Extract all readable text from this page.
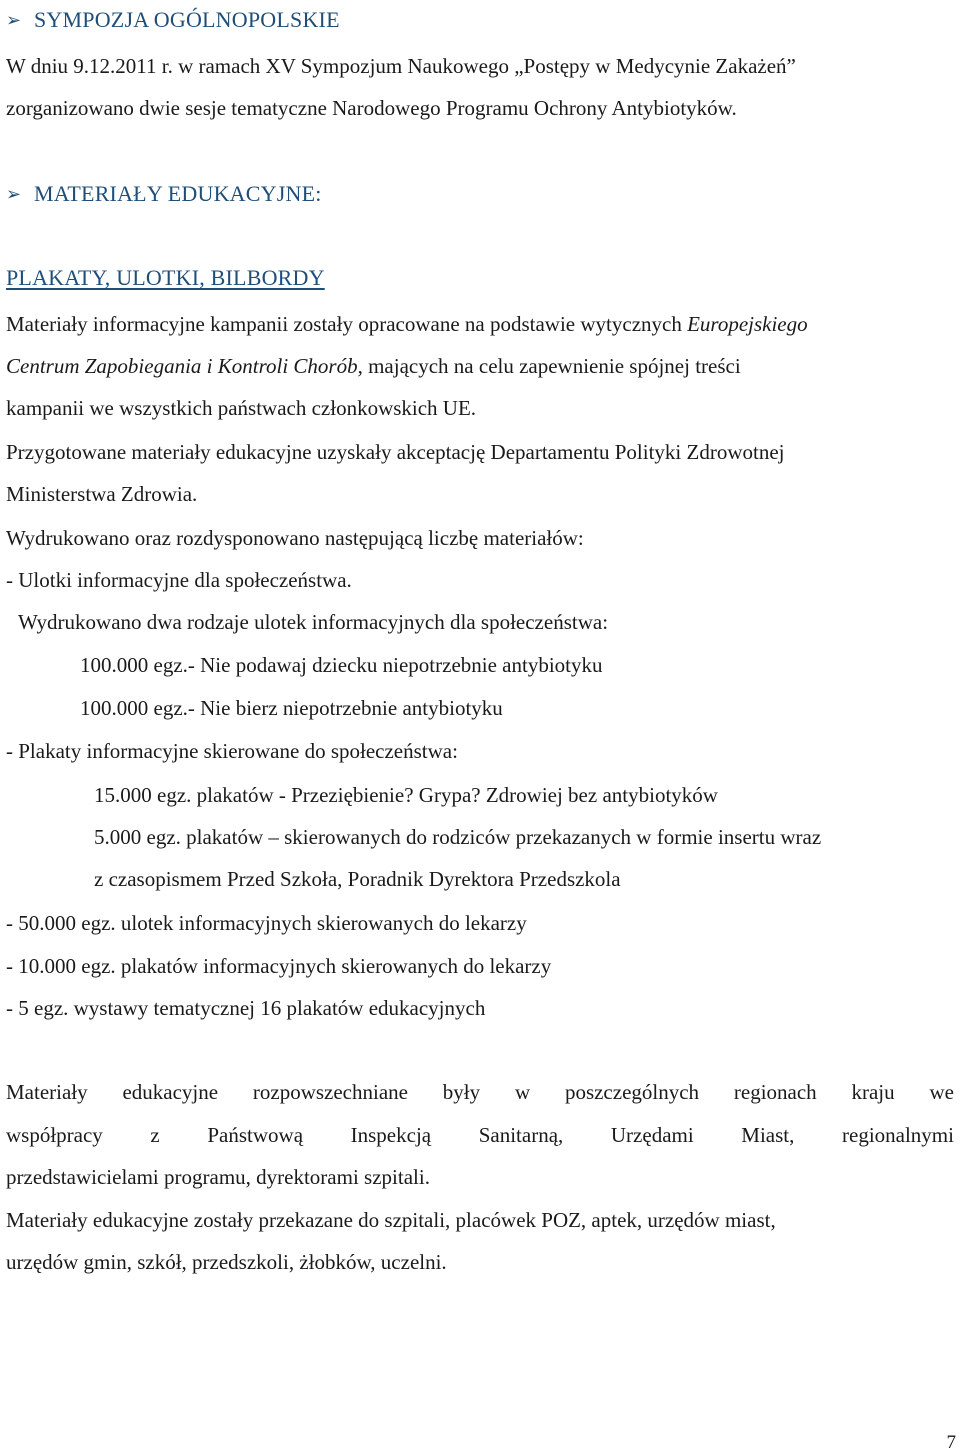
➢ SYMPOZJA OGÓLNOPOLSKIE
W dniu 9.12.2011 r. w ramach XV Sympozjum Naukowego „Postępy w Medycynie Zakażeń”
zorganizowano dwie sesje tematyczne Narodowego Programu Ochrony Antybiotyków.
➢ MATERIAŁY EDUKACYJNE:
PLAKATY, ULOTKI, BILBORDY
Materiały informacyjne kampanii zostały opracowane na podstawie wytycznych Europejskiego
Centrum Zapobiegania i Kontroli Chorób, mających na celu zapewnienie spójnej treści
kampanii we wszystkich państwach członkowskich UE.
Przygotowane materiały edukacyjne uzyskały akceptację Departamentu Polityki Zdrowotnej
Ministerstwa Zdrowia.
Wydrukowano oraz rozdysponowano następującą liczbę materiałów:
- Ulotki informacyjne dla społeczeństwa.
Wydrukowano dwa rodzaje ulotek informacyjnych dla społeczeństwa:
100.000 egz.- Nie podawaj dziecku niepotrzebnie antybiotyku
100.000 egz.- Nie bierz niepotrzebnie antybiotyku
- Plakaty informacyjne skierowane do społeczeństwa:
15.000 egz. plakatów - Przeziębienie? Grypa? Zdrowiej bez antybiotyków
5.000 egz. plakatów – skierowanych do rodziców przekazanych w formie insertu wraz
z czasopismem Przed Szkoła, Poradnik Dyrektora Przedszkola
- 50.000 egz. ulotek informacyjnych skierowanych do lekarzy
- 10.000 egz. plakatów informacyjnych skierowanych do lekarzy
- 5 egz. wystawy tematycznej 16 plakatów edukacyjnych
Materiały edukacyjne rozpowszechniane były w poszczególnych regionach kraju we
współpracy z Państwową Inspekcją Sanitarną, Urzędami Miast, regionalnymi
przedstawicielami programu, dyrektorami szpitali.
Materiały edukacyjne zostały przekazane do szpitali, placówek POZ, aptek, urzędów miast,
urzędów gmin, szkół, przedszkoli, żłobków, uczelni.
7
